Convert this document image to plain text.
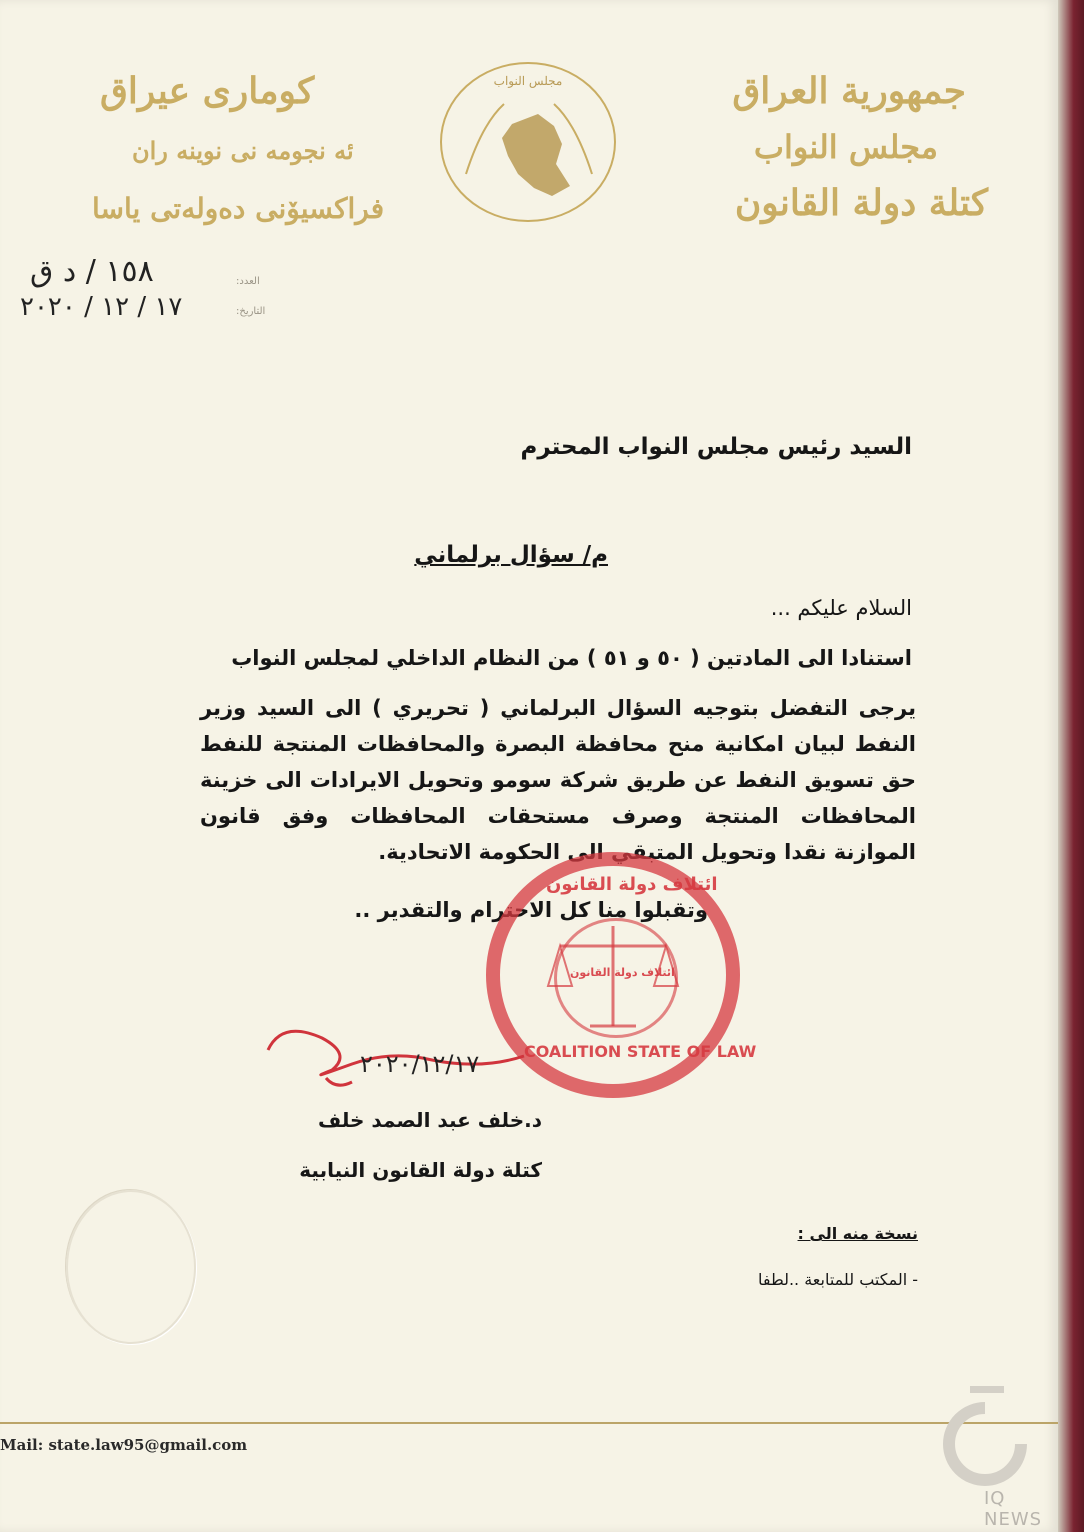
جمهورية العراق
مجلس النواب
كتلة دولة القانون
كومارى عيراق
ئه نجومه نى نوينه ران
فراكسيۆنى دەولەتى ياسا
مجلس النواب
العدد:
١٥٨ / د ق
التاريخ:
١٧ / ١٢ / ٢٠٢٠
السيد رئيس مجلس النواب المحترم
م/ سؤال برلماني
السلام عليكم ...
استنادا الى المادتين ( ٥٠ و ٥١ ) من النظام الداخلي لمجلس النواب
يرجى التفضل بتوجيه السؤال البرلماني ( تحريري ) الى السيد وزير النفط لبيان امكانية منح محافظة البصرة والمحافظات المنتجة للنفط حق تسويق النفط عن طريق شركة سومو وتحويل الايرادات الى خزينة المحافظات المنتجة وصرف مستحقات المحافظات وفق قانون الموازنة نقدا وتحويل المتبقي الى الحكومة الاتحادية.
وتقبلوا منا كل الاحترام والتقدير ..
ائتلاف دولة القانون
ائتلاف دولة القانون
COALITION STATE OF LAW
٢٠٢٠/١٢/١٧
د.خلف عبد الصمد خلف
كتلة دولة القانون النيابية
نسخة منه الى :
- المكتب للمتابعة ..لطفا
Mail: state.law95@gmail.com
IQ NEWS
